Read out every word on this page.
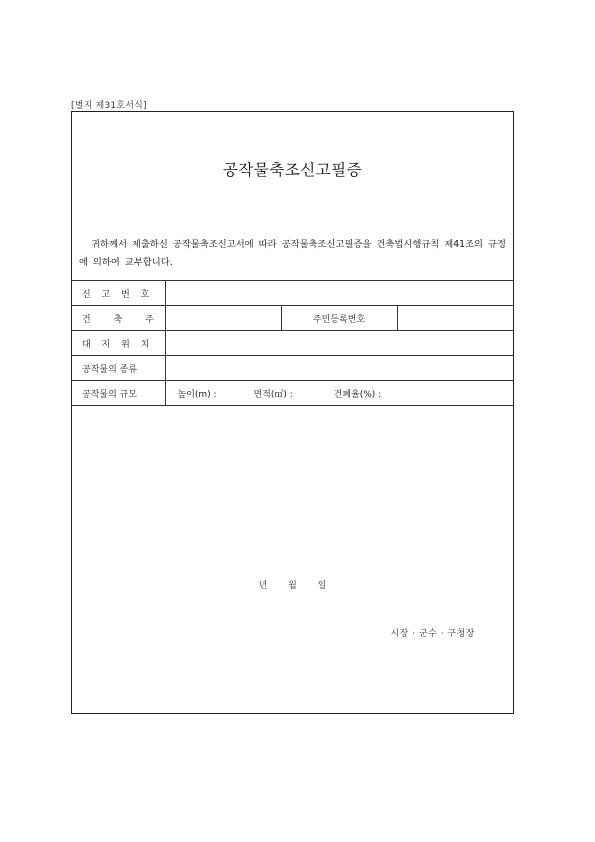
[별지 제31호서식]
공작물축조신고필증
귀하께서 제출하신 공작물축조신고서에 따라 공작물축조신고필증을 건축법시행규칙 제41조의 규정에 의하여 교부합니다.
신 고 번 호			
건 축 주		주민등록번호	
대 지 위 치			
공작물의 종류			
공작물의 규모	높이(m) : 면적(㎡) : 건폐율(%) :		
년 월 일
시장 · 군수 · 구청장
